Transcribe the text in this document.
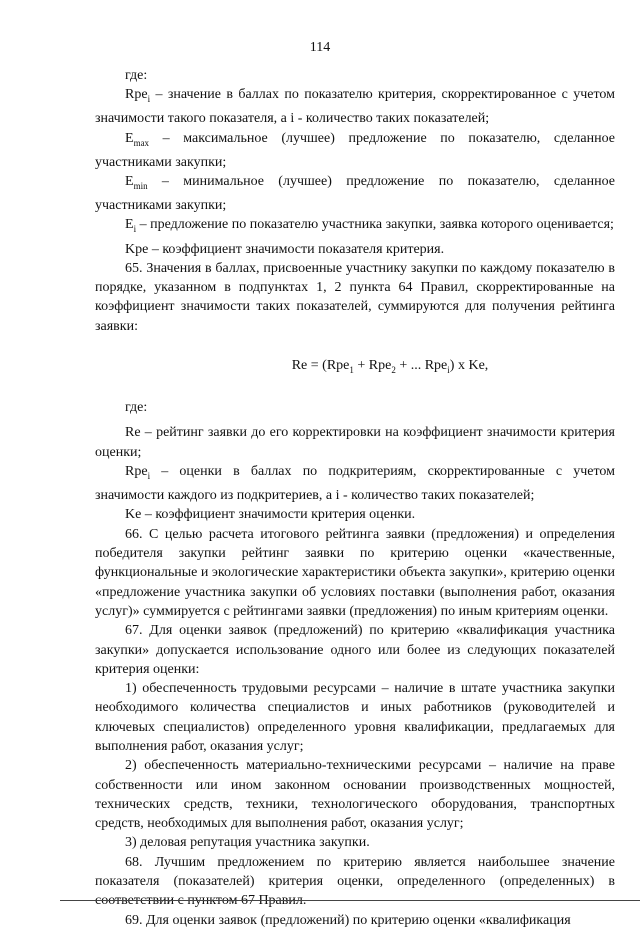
114

где:

Rpe$_i$ – значение в баллах по показателю критерия, скорректированное с учетом значимости такого показателя, а i - количество таких показателей;

$E_{max}$ – максимальное (лучшее) предложение по показателю, сделанное участниками закупки;

$E_{min}$ – минимальное (лучшее) предложение по показателю, сделанное участниками закупки;

$E_i$ – предложение по показателю участника закупки, заявка которого оценивается;

Kpe – коэффициент значимости показателя критерия.

65. Значения в баллах, присвоенные участнику закупки по каждому показателю в порядке, указанном в подпунктах 1, 2 пункта 64 Правил, скорректированные на коэффициент значимости таких показателей, суммируются для получения рейтинга заявки:

Re = (Rpe$_1$ + Rpe$_2$ + ... Rpe$_i$) x Ke,

где:

Re – рейтинг заявки до его корректировки на коэффициент значимости критерия оценки;

Rpe$_i$ – оценки в баллах по подкритериям, скорректированные с учетом значимости каждого из подкритериев, а i - количество таких показателей;

Ke – коэффициент значимости критерия оценки.

66. С целью расчета итогового рейтинга заявки (предложения) и определения победителя закупки рейтинг заявки по критерию оценки «качественные, функциональные и экологические характеристики объекта закупки», критерию оценки «предложение участника закупки об условиях поставки (выполнения работ, оказания услуг)» суммируется с рейтингами заявки (предложения) по иным критериям оценки.

67. Для оценки заявок (предложений) по критерию «квалификация участника закупки» допускается использование одного или более из следующих показателей критерия оценки:

1) обеспеченность трудовыми ресурсами – наличие в штате участника закупки необходимого количества специалистов и иных работников (руководителей и ключевых специалистов) определенного уровня квалификации, предлагаемых для выполнения работ, оказания услуг;

2) обеспеченность материально-техническими ресурсами – наличие на праве собственности или ином законном основании производственных мощностей, технических средств, техники, технологического оборудования, транспортных средств, необходимых для выполнения работ, оказания услуг;

3) деловая репутация участника закупки.

68. Лучшим предложением по критерию является наибольшее значение показателя (показателей) критерия оценки, определенного (определенных) в соответствии с пунктом 67 Правил.

69. Для оценки заявок (предложений) по критерию оценки «квалификация
